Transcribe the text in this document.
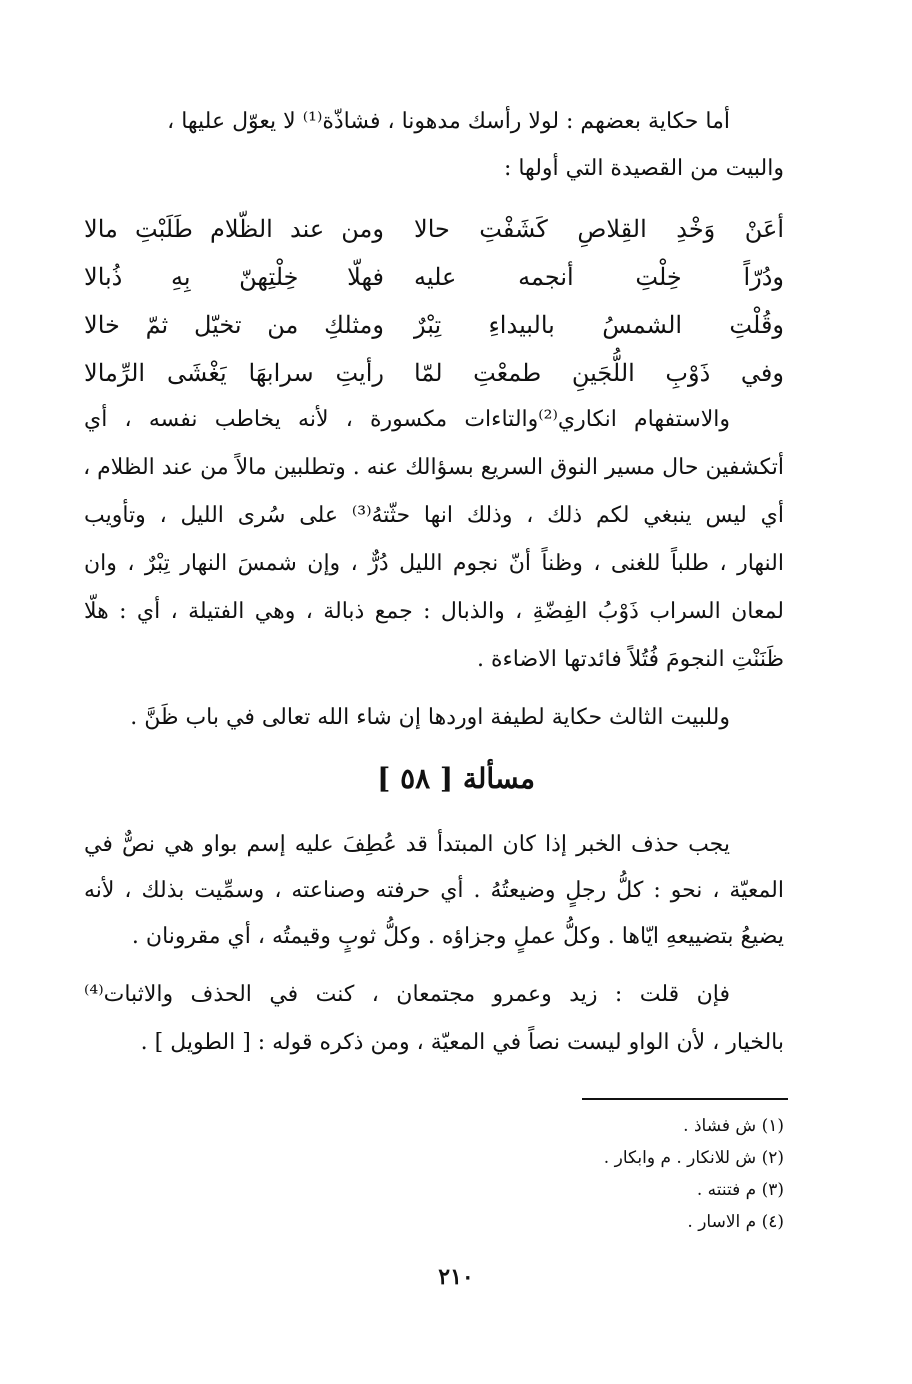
أما حكاية بعضهم : لولا رأسك مدهونا ، فشاذّة⁽¹⁾ لا يعوّل عليها ،
والبيت من القصيدة التي أولها :
أعَنْ وَخْدِ القِلاصِ كَشَفْتِ حالا
ومن عند الظّلام طَلَبْتِ مالا
ودُرّاً خِلْتِ أنجمه عليه
فهلّا خِلْتِهنّ بِهِ ذُبالا
وقُلْتِ الشمسُ بالبيداءِ تِبْرٌ
ومثلكِ من تخيّل ثمّ خالا
وفي ذَوْبِ اللُّجَينِ طمعْتِ لمّا
رأيتِ سرابهَا يَغْشَى الرِّمالا
والاستفهام انكاري⁽²⁾والتاءات مكسورة ، لأنه يخاطب نفسه ، أي
أتكشفين حال مسير النوق السريع بسؤالك عنه . وتطلبين مالاً من عند الظلام ،
أي ليس ينبغي لكم ذلك ، وذلك انها حثّتهُ⁽³⁾ على سُرى الليل ، وتأويب
النهار ، طلباً للغنى ، وظناً أنّ نجوم الليل دُرٌّ ، وإن شمسَ النهار تِبْرٌ ، وان
لمعان السراب ذَوْبُ الفِضّةِ ، والذبال : جمع ذبالة ، وهي الفتيلة ، أي : هلّا
ظَنَنْتِ النجومَ فُتُلاً فائدتها الاضاءة .
وللبيت الثالث حكاية لطيفة اوردها إن شاء الله تعالى في باب ظَنَّ .
مسألة [ ٥٨ ]
يجب حذف الخبر إذا كان المبتدأ قد عُطِفَ عليه إسم بواو هي نصٌّ في
المعيّة ، نحو : كلُّ رجلٍ وضيعتُهُ . أي حرفته وصناعته ، وسمِّيت بذلك ، لأنه
يضيعُ بتضييعهِ ايّاها . وكلُّ عملٍ وجزاؤه . وكلُّ ثوبٍ وقيمتُه ، أي مقرونان .
فإن قلت : زيد وعمرو مجتمعان ، كنت في الحذف والاثبات⁽⁴⁾
بالخيار ، لأن الواو ليست نصاً في المعيّة ، ومن ذكره قوله : [ الطويل ] .
(١) ش فشاذ .
(٢) ش للانكار . م وابكار .
(٣) م فتنته .
(٤) م الاسار .
٢١٠
